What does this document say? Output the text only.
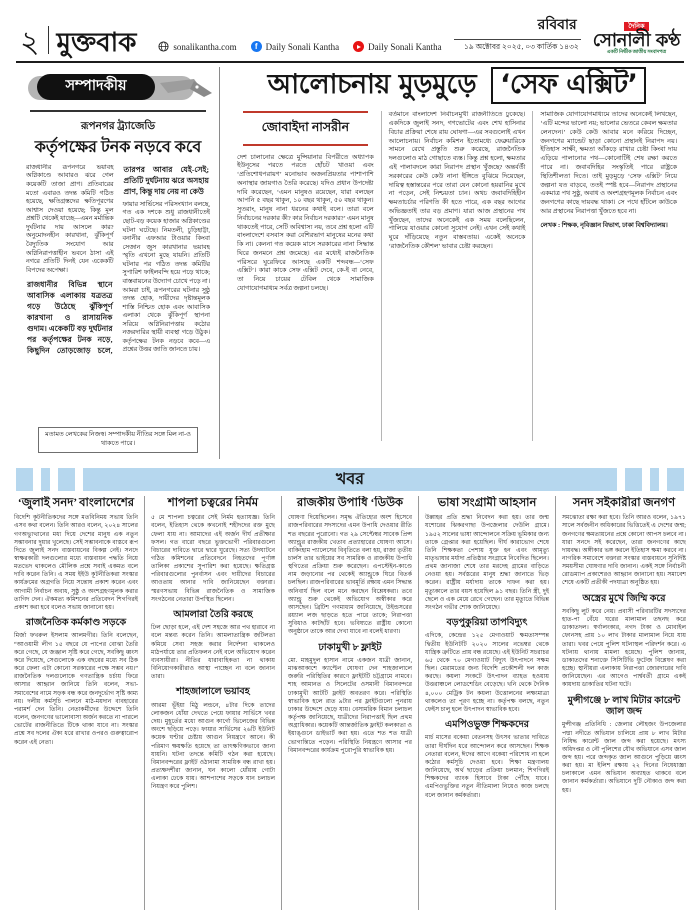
২ মুক্তবাক	sonalikantha.com	f Daily Sonali Kantha	Daily Sonali Kantha
রবিবার
১৯ অক্টোবর ২০২৫, ০৩ কার্তিক ১৪৩২
দৈনিক
সোনালী কণ্ঠ
একটি নির্ভীক জাতীয় সংবাদপত্র
সম্পাদকীয়
রূপনগর ট্র্যাজেডি
কর্তৃপক্ষের টনক নড়বে কবে

রাজধানীর রূপনগরে ভয়াবহ অগ্নিকাণ্ডে আবারও ঝরে গেল কয়েকটি তাজা প্রাণ। প্রতিবারের মতো এবারও তদন্ত কমিটি গঠিত হয়েছে, ক্ষতিগ্রস্তদের ক্ষতিপূরণের আশ্বাস দেওয়া হয়েছে; কিন্তু মূল প্রশ্নটি থেকেই যাচ্ছে—এমন মর্মান্তিক দুর্ঘটনার দায় আসলে কার? অনুমোদনহীন কারখানা, ঝুঁকিপূর্ণ বৈদ্যুতিক সংযোগ আর অগ্নিনিরাপত্তাহীন ভবনে ঠাসা এই নগরে প্রতিটি দিনই যেন একেকটি বিপদের অপেক্ষা।

রাজধানীর বিভিন্ন স্থানে আবাসিক এলাকায় যত্রতত্র গড়ে উঠেছে ঝুঁকিপূর্ণ কারখানা ও রাসায়নিক গুদাম। একেকটি বড় দুর্ঘটনার পর কর্তৃপক্ষের টনক নড়ে, কিছুদিন তোড়জোড় চলে, তারপর আবার যেই-সেই; প্রতিটি দুর্ঘটনায় ঝরে অসহায় প্রাণ, কিন্তু দায় নেয় না কেউ

ফায়ার সার্ভিসের পরিসংখ্যান বলছে, গত এক দশকে শুধু রাজধানীতেই ছোট-বড় কয়েক হাজার অগ্নিকাণ্ডের ঘটনা ঘটেছে। নিমতলী, চুড়িহাট্টা, বনানীর এফআর টাওয়ার কিংবা সেজান জুস কারখানার ভয়াবহ স্মৃতি এখনো মুছে যায়নি। প্রতিটি ঘটনার পর গঠিত তদন্ত কমিটির সুপারিশ ফাইলবন্দি হয়ে পড়ে থাকে; বাস্তবায়নের উদ্যোগ চোখে পড়ে না। আমরা চাই, রূপনগরের ঘটনার সুষ্ঠু তদন্ত হোক, দায়ীদের দৃষ্টান্তমূলক শাস্তি নিশ্চিত হোক এবং আবাসিক এলাকা থেকে ঝুঁকিপূর্ণ স্থাপনা সরিয়ে অগ্নিনিরাপত্তায় কঠোর নজরদারির স্থায়ী ব্যবস্থা গড়ে উঠুক। কর্তৃপক্ষের টনক নড়বে কবে—এ প্রশ্নের উত্তর জাতি জানতে চায়।

মতামত লেখকের নিজস্ব। সম্পাদকীয় নীতির সঙ্গে মিল না-ও থাকতে পারে।
আলোচনায় মুড়মুড়ে ‘সেফ এক্সিট’
জোবাইদা নাসরীন
দেশ চালানোর ক্ষেত্রে মুন্সিয়ানার বিপরীতে অধ্যাপক ইউনূসের পরতে পরতে হোঁচট খাওয়া এবং ‘প্রতিশোধপরায়ণ’ মনোভাব অজনপ্রিয়তার পাশাপাশি অনাস্থার জায়গাও তৈরি করেছে। যদিও প্রধান উপদেষ্টা দাবি করেছেন, ‘এমন মানুষও রয়েছেন, যারা বলছেন আপনি ৫ বছর থাকুন, ১০ বছর থাকুন, ৫০ বছর থাকুন। সুতরাং, মানুষ নানা ধরনের কথাই বলে। তারা বলে নির্বাচনের দরকার কী? কার নির্বাচন দরকার?’ এমন মানুষ থাকতেই পারে, সেটি অবিশ্বাস্য নয়, তবে প্রশ্ন হলো এটি বাংলাদেশে বসবাস করা বেশিরভাগ মানুষের মনের কথা কি না। কেননা গত কয়েক মাসে সরকারের নানা সিদ্ধান্ত ঘিরে জনমনে প্রশ্ন জমেছে। এর মধ্যেই রাজনৈতিক পরিসরে ঘুরেফিরে আসছে একটি শব্দবন্ধ—‘সেফ এক্সিট’। কারা কাকে সেফ এক্সিট দেবে, কে-ই বা নেবে, তা নিয়ে চায়ের টেবিল থেকে সামাজিক যোগাযোগমাধ্যম সর্বত্র জল্পনা চলছে।
বর্তমানে বাংলাদেশ নির্বাচনমুখী রাজনীতিতে ঢুকেছে। একদিকে জুলাই সনদ, গণভোটের এবং শেখ হাসিনার বিচার প্রক্রিয়া শেষে রায় ঘোষণা—এর সবগুলোই এখন আলোচনায়। নির্বাচন কমিশন ইতোমধ্যে ফেব্রুয়ারিকে সামনে রেখে প্রস্তুতি শুরু করেছে, রাজনৈতিক দলগুলোও মাঠ গোছাতে ব্যস্ত। কিন্তু প্রশ্ন হলো, ক্ষমতার এই পালাবদলে কারা নিরাপদ প্রস্থান খুঁজছে? অন্তর্বর্তী সরকারের কেউ কেউ নানা ইঙ্গিতে বুঝিয়ে দিয়েছেন, দায়িত্ব হস্তান্তরের পরে তারা যেন কোনো হয়রানির মুখে না পড়েন, সেই নিশ্চয়তা চান। অথচ জবাবদিহিহীন ক্ষমতাচর্চার পরিণতি কী হতে পারে, এক বছর আগের অভিজ্ঞতাই তার বড় প্রমাণ। যারা আজ প্রস্থানের পথ খুঁজছেন, তাদের অনেকেই এক সময় বলেছিলেন, পালিয়ে যাওয়ার কোনো সুযোগ নেই। এখন সেই কথাই ঘুরে দাঁড়িয়েছে নতুন বাস্তবতায়। একেই অনেকে ‘রাজনৈতিক কৌশল’ ভাবার চেষ্টা করছেন।
সামাজিক যোগাযোগমাধ্যমে তাদের অনেকেই লিখছেন, ‘এটি মন্দের ভালো নয়; ভালোর ভেতরে কেবল ক্ষমতার লেনদেন।’ কেউ কেউ আবার মনে করিয়ে দিচ্ছেন, জনগণের ম্যান্ডেট ছাড়া কোনো প্রস্থানই নিরাপদ নয়। ইতিহাস সাক্ষী, ক্ষমতা আঁকড়ে রাখার চেষ্টা কিংবা দায় এড়িয়ে পালানোর পথ—কোনোটিই শেষ রক্ষা করতে পারে না। জবাবদিহির সংস্কৃতিই পারে রাষ্ট্রকে স্থিতিশীলতা দিতে। তাই মুড়মুড়ে ‘সেফ এক্সিট’ নিয়ে জল্পনা যত বাড়বে, ততই স্পষ্ট হবে—নিরাপদ প্রস্থানের একমাত্র পথ সুষ্ঠু, অবাধ ও অংশগ্রহণমূলক নির্বাচন এবং জনগণের কাছে দায়বদ্ধ থাকা। সে পথে হাঁটলে কাউকে আর প্রস্থানের নিরাপত্তা খুঁজতে হবে না।
লেখক : শিক্ষক, নৃবিজ্ঞান বিভাগ, ঢাকা বিশ্ববিদ্যালয়।
খবর
‘জুলাই সনদ’ বাংলাদেশের

বিদেশি কূটনীতিকদের সঙ্গে মতবিনিময় সভায় তিনি এসব কথা বলেন। তিনি আরও বলেন, ২০২৪ সালের গণঅভ্যুত্থানের মধ্য দিয়ে দেশের মানুষ এক নতুন সম্ভাবনার দুয়ার খুলেছে। সেই সম্ভাবনাকে বাস্তবে রূপ দিতে জুলাই সনদ বাস্তবায়নের বিকল্প নেই। সনদে স্বাক্ষরকারী দলগুলোর মধ্যে বাস্তবায়ন পদ্ধতি নিয়ে মতভেদ থাকলেও মৌলিক প্রশ্নে সবাই একমত বলে দাবি করেন তিনি। এ সময় ইইউ কূটনীতিকরা সংস্কার কার্যক্রমের অগ্রগতি নিয়ে সন্তোষ প্রকাশ করেন এবং আগামী নির্বাচন অবাধ, সুষ্ঠু ও অংশগ্রহণমূলক করার তাগিদ দেন। ঐকমত্য কমিশনের প্রতিবেদন শিগগিরই প্রকাশ করা হবে বলেও সভায় জানানো হয়।

রাজনৈতিক কর্মকাণ্ড সড়কে

মির্জা ফখরুল ইসলাম আলমগীর। তিনি বলেছেন, “আওয়ামী লীগ ১৫ বছরে যে পাপের বোঝা তৈরি করে গেছে, যে জঞ্জাল সৃষ্টি করে গেছে, সবকিছু ধ্বংস করে দিয়েছে, সেগুলোকে এক বছরের মধ্যে সব ঠিক করে ফেলা এটা কোনো সরকারের পক্ষে সম্ভব নয়।” রাজনৈতিক দলগুলোকে গণতান্ত্রিক চর্চায় ফিরে আসার আহ্বান জানিয়ে তিনি বলেন, সভা-সমাবেশের নামে সড়ক বন্ধ করে জনদুর্ভোগ সৃষ্টি কাম্য নয়। দলীয় কর্মসূচি পালনে মাঠ-ময়দান ব্যবহারের পরামর্শ দেন তিনি। নেতাকর্মীদের উদ্দেশে তিনি বলেন, জনগণের ভালোবাসা অর্জন করতে না পারলে ভোটের রাজনীতিতে টিকে থাকা যাবে না। সংস্কার প্রশ্নে সব দলের ঐক্য ধরে রাখার ওপরও গুরুত্বারোপ করেন এই নেতা।

শাপলা চত্বরের নির্মম

৫ মে শাপলা চত্বরের সেই নির্মম হত্যাযজ্ঞ। তিনি বলেন, ইতিহাস থেকে কখনোই শহীদদের রক্ত মুছে ফেলা যায় না। আমাদের এই অর্জন দীর্ঘ প্রতীক্ষার ফসল। গত বারো বছরে ভুক্তভোগী পরিবারগুলো বিচারের দাবিতে দ্বারে দ্বারে ঘুরেছে। সত্য উদঘাটনে গঠিত কমিশনের প্রতিবেদনে নিহতদের পূর্ণাঙ্গ তালিকা প্রকাশের সুপারিশ করা হয়েছে। ক্ষতিগ্রস্ত পরিবারগুলোর পুনর্বাসন এবং দায়ীদের বিচারের আওতায় আনার দাবি জানিয়েছেন বক্তারা। স্মরণসভায় বিভিন্ন রাজনৈতিক ও সামাজিক সংগঠনের নেতারা উপস্থিত ছিলেন।

আমলারা তৈরি করছে

ঢিল ছোড়া হলে, এই দেশ সহজে আর পথ হারাবে না বলে মন্তব্য করেন তিনি। আমলাতান্ত্রিক জটিলতা কমিয়ে সেবা সহজ করার নির্দেশনা থাকলেও মাঠপর্যায়ে তার প্রতিফলন নেই বলে অভিযোগ করেন ব্যবসায়ীরা। নীতির ধারাবাহিকতা না থাকায় বিনিয়োগকারীরাও আস্থা পাচ্ছেন না বলে জানান তারা।

শাহজালালে ভয়াবহ

আরমা ভূঁইয়া মিঠু লন্ডনে, ৪টার দিকে তাদের লোকজন ধোঁয়া দেখতে পেয়ে ফায়ার সার্ভিসে খবর দেয়। মুহূর্তের মধ্যে আগুন কার্গো ভিলেজের বিভিন্ন অংশে ছড়িয়ে পড়ে। ফায়ার সার্ভিসের ২৬টি ইউনিট কয়েক ঘণ্টার চেষ্টায় আগুন নিয়ন্ত্রণে আনে। কী পরিমাণ ক্ষয়ক্ষতি হয়েছে তা তাৎক্ষণিকভাবে জানা যায়নি। ঘটনা তদন্তে কমিটি গঠন করা হয়েছে। বিমানবন্দরের ফ্লাইট ওঠানামা সাময়িক বন্ধ রাখা হয়। প্রত্যক্ষদর্শীরা জানান, ঘন কালো ধোঁয়ায় গোটা এলাকা ঢেকে যায়। আশপাশের সড়কে যান চলাচল নিয়ন্ত্রণ করে পুলিশ।

রাজকীয় উপাধি ‘ডিউক

ঘোষণা দিয়েছিলেন। সমৃদ্ধ ঐতিহ্যের অংশ হিসেবে রাজপরিবারের সদস্যদের এমন উপাধি দেওয়ার রীতি শত বছরের পুরোনো। গত ২৯ সেপ্টেম্বর সাবেক প্রিন্স অ্যান্ড্রুর রাজকীয় খেতাব প্রত্যাহারের ঘোষণা আসে। বাকিংহাম প্যালেসের বিবৃতিতে বলা হয়, রাজা তৃতীয় চার্লস তার ভাইয়ের সব সামরিক ও রাজকীয় উপাধি স্থগিতের প্রক্রিয়া শুরু করেছেন। এপস্টেইন-কাণ্ডে নাম জড়ানোর পর থেকেই অ্যান্ড্রুকে ঘিরে বিতর্ক চলছিল। রাজপরিবারের ভাবমূর্তি রক্ষায় এমন সিদ্ধান্ত অনিবার্য ছিল বলে মনে করছেন বিশ্লেষকরা। তবে অ্যান্ড্রু শুরু থেকেই অভিযোগ অস্বীকার করে আসছেন। ব্রিটিশ গণমাধ্যম জানিয়েছে, উইন্ডসরের রয়্যাল লজ ছাড়তে হতে পারে তাকে; নিরাপত্তা সুবিধাও কাটছাঁট হবে। ভবিষ্যতে রাষ্ট্রীয় কোনো অনুষ্ঠানে তাকে আর দেখা যাবে না বলেই ধারণা।

ঢাকামুখী ৮ ফ্লাইট

মো. মাহমুদুল হাসান নামে একজন যাত্রী জানান, মাঝআকাশে ক্যাপ্টেন ঘোষণা দেন শাহজালালে জরুরি পরিস্থিতির কারণে ফ্লাইটটি চট্টগ্রামে নামবে। শাহ আমানত ও সিলেটের ওসমানী বিমানবন্দরে ঢাকামুখী আটটি ফ্লাইট অবতরণ করে। পরিস্থিতি স্বাভাবিক হলে রাত ৯টার পর ফ্লাইটগুলো পুনরায় ঢাকার উদ্দেশে ছেড়ে যায়। বেসামরিক বিমান চলাচল কর্তৃপক্ষ জানিয়েছে, যাত্রীদের নিরাপত্তাই ছিল প্রথম অগ্রাধিকার। কয়েকটি আন্তর্জাতিক ফ্লাইট কলকাতা ও ইয়াঙ্গুনে ডাইভার্ট করা হয়। এতে শত শত যাত্রী ভোগান্তিতে পড়েন। পরিস্থিতি নিয়ন্ত্রণে আসার পর বিমানবন্দরের কার্যক্রম পুরোপুরি স্বাভাবিক হয়।

ভাষা সংগ্রামী আহসান

উল্লাহর প্রতি শ্রদ্ধা নিবেদন করা হয়। তার জন্ম যশোরের ঝিকরগাছা উপজেলার দেউলি গ্রামে। ১৯৫২ সালের ভাষা আন্দোলনে সক্রিয় ভূমিকার জন্য তাকে গ্রেপ্তার করা হয়েছিল। দীর্ঘ কারাভোগ শেষে তিনি শিক্ষকতা পেশায় যুক্ত হন এবং আমৃত্যু মাতৃভাষার মর্যাদা প্রতিষ্ঠার সংগ্রামে নিবেদিত ছিলেন। প্রথম জানাজা শেষে তার মরদেহ গ্রামের বাড়িতে নেওয়া হয়। সর্বস্তরের মানুষ শ্রদ্ধা জানাতে ভিড় করেন। রাষ্ট্রীয় মর্যাদায় তাকে দাফন করা হয়। মৃত্যুকালে তার বয়স হয়েছিল ৯১ বছর। তিনি স্ত্রী, দুই ছেলে ও এক মেয়ে রেখে গেছেন। তার মৃত্যুতে বিভিন্ন সংগঠন গভীর শোক জানিয়েছে।

বড়পুকুরিয়া তাপবিদ্যুৎ

এদিকে, কেন্দ্রের ১২৫ মেগাওয়াট ক্ষমতাসম্পন্ন দ্বিতীয় ইউনিটটি ২০২০ সালের নভেম্বর থেকে যান্ত্রিক ত্রুটিতে প্রায় বন্ধ রয়েছে। এই ইউনিট সচরাচর ৬৫ থেকে ৭০ মেগাওয়াট বিদ্যুৎ উৎপাদনে সক্ষম ছিল। মেরামতের জন্য বিদেশি প্রকৌশলী দল কাজ করছে। কয়লা সংকটে উৎপাদন ব্যাহত হওয়ায় উত্তরাঞ্চলে লোডশেডিং বেড়েছে। খনি থেকে দৈনিক ৪,০০০ মেট্রিক টন কয়লা উত্তোলনের লক্ষ্যমাত্রা থাকলেও তা পূরণ হচ্ছে না। কর্তৃপক্ষ বলছে, নতুন ফেইস চালু হলে উৎপাদন স্বাভাবিক হবে।

এমপিওভুক্ত শিক্ষকদের

মার্চ মাসের বকেয়া বেতনসহ উৎসব ভাতার দাবিতে তারা দীর্ঘদিন ধরে আন্দোলন করে আসছেন। শিক্ষক নেতারা বলেন, ঈদের আগে বকেয়া পরিশোধ না হলে কঠোর কর্মসূচি দেওয়া হবে। শিক্ষা মন্ত্রণালয় জানিয়েছে, অর্থ ছাড়ের প্রক্রিয়া চলমান; শিগগিরই শিক্ষকদের ব্যাংক হিসাবে টাকা পৌঁছে যাবে। এমপিওভুক্তির নতুন নীতিমালা নিয়েও কাজ চলছে বলে জানান কর্মকর্তারা।

সনদ সইকারীরা জনগণ

সমঝোতা রক্ষা করা হবে। তিনি আরও বলেন, ১৯৭১ সালে সর্বজনীন অধিকারের ভিত্তিতেই এ দেশের জন্ম; জনগণের ক্ষমতায়নের প্রশ্নে কোনো আপস চলবে না। যারা সনদে সই করেছেন, তারা জনগণের কাছে দায়বদ্ধ। অঙ্গীকার ভঙ্গ করলে ইতিহাস ক্ষমা করবে না। নাগরিক সমাবেশে বক্তারা সংস্কার বাস্তবায়নে সুনির্দিষ্ট সময়সীমা ঘোষণার দাবি জানান। একই সঙ্গে নির্বাচনী রোডম্যাপ প্রকাশেরও আহ্বান জানানো হয়। সমাবেশ শেষে একটি প্রতীকী পদযাত্রা অনুষ্ঠিত হয়।

অস্ত্রের মুখে জিম্মি করে

সবকিছু লুট করে নেয়। প্রবাসী পরিবারটির সদস্যদের হাত-পা বেঁধে ঘরের মালামাল তছনছ করে ডাকাতদল। স্বর্ণালংকার, নগদ টাকা ও মোবাইল ফোনসহ প্রায় ১০ লাখ টাকার মালামাল নিয়ে যায় তারা। খবর পেয়ে পুলিশ ঘটনাস্থল পরিদর্শন করে। এ ঘটনায় থানায় মামলা হয়েছে। পুলিশ জানায়, ডাকাতদের শনাক্তে সিসিটিভি ফুটেজ বিশ্লেষণ করা হচ্ছে। স্থানীয়রা এলাকায় নিরাপত্তা জোরদারের দাবি জানিয়েছেন। এর আগেও পার্শ্ববর্তী গ্রামে একই কায়দায় ডাকাতির ঘটনা ঘটে।

মুন্সীগঞ্জে ৮ লাখ মিটার কারেন্ট জাল জব্দ

মুন্সীগঞ্জ প্রতিনিধি : জেলার লৌহজং উপজেলার পদ্মা নদীতে অভিযান চালিয়ে প্রায় ৮ লাখ মিটার নিষিদ্ধ কারেন্ট জাল জব্দ করা হয়েছে। মৎস্য অধিদপ্তর ও নৌ পুলিশের যৌথ অভিযানে এসব জাল জব্দ হয়। পরে জব্দকৃত জাল আগুনে পুড়িয়ে ধ্বংস করা হয়। মা ইলিশ রক্ষায় ২২ দিনের নিষেধাজ্ঞা চলাকালে এমন অভিযান অব্যাহত থাকবে বলে জানান কর্মকর্তারা। অভিযানে দুটি নৌকাও জব্দ করা হয়।
